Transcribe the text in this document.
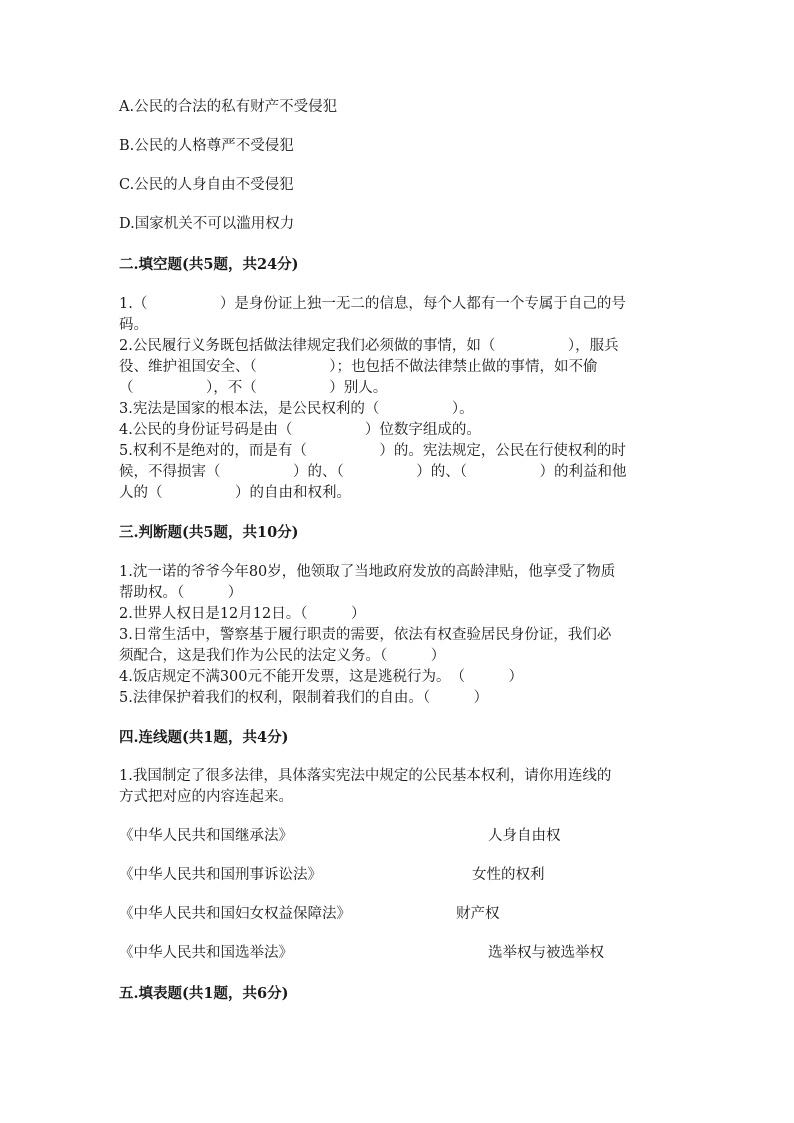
A.公民的合法的私有财产不受侵犯
B.公民的人格尊严不受侵犯
C.公民的人身自由不受侵犯
D.国家机关不可以滥用权力
二.填空题(共5题，共24分)
1.（　　　　　）是身份证上独一无二的信息，每个人都有一个专属于自己的号
码。
2.公民履行义务既包括做法律规定我们必须做的事情，如（　　　　　），服兵
役、维护祖国安全、（　　　　　）；也包括不做法律禁止做的事情，如不偷
（　　　　　），不（　　　　　）别人。
3.宪法是国家的根本法，是公民权利的（　　　　　）。
4.公民的身份证号码是由（　　　　　）位数字组成的。
5.权利不是绝对的，而是有（　　　　　）的。宪法规定，公民在行使权利的时
候，不得损害（　　　　　）的、（　　　　　）的、（　　　　　）的利益和他
人的（　　　　　）的自由和权利。
三.判断题(共5题，共10分)
1.沈一诺的爷爷今年80岁，他领取了当地政府发放的高龄津贴，他享受了物质
帮助权。（　　　）
2.世界人权日是12月12日。（　　　）
3.日常生活中，警察基于履行职责的需要，依法有权查验居民身份证，我们必
须配合，这是我们作为公民的法定义务。（　　　）
4.饭店规定不满300元不能开发票，这是逃税行为。　（　　　）
5.法律保护着我们的权利，限制着我们的自由。（　　　）
四.连线题(共1题，共4分)
1.我国制定了很多法律，具体落实宪法中规定的公民基本权利，请你用连线的
方式把对应的内容连起来。
《中华人民共和国继承法》	人身自由权
《中华人民共和国刑事诉讼法》	女性的权利
《中华人民共和国妇女权益保障法》	财产权
《中华人民共和国选举法》	选举权与被选举权
五.填表题(共1题，共6分)
